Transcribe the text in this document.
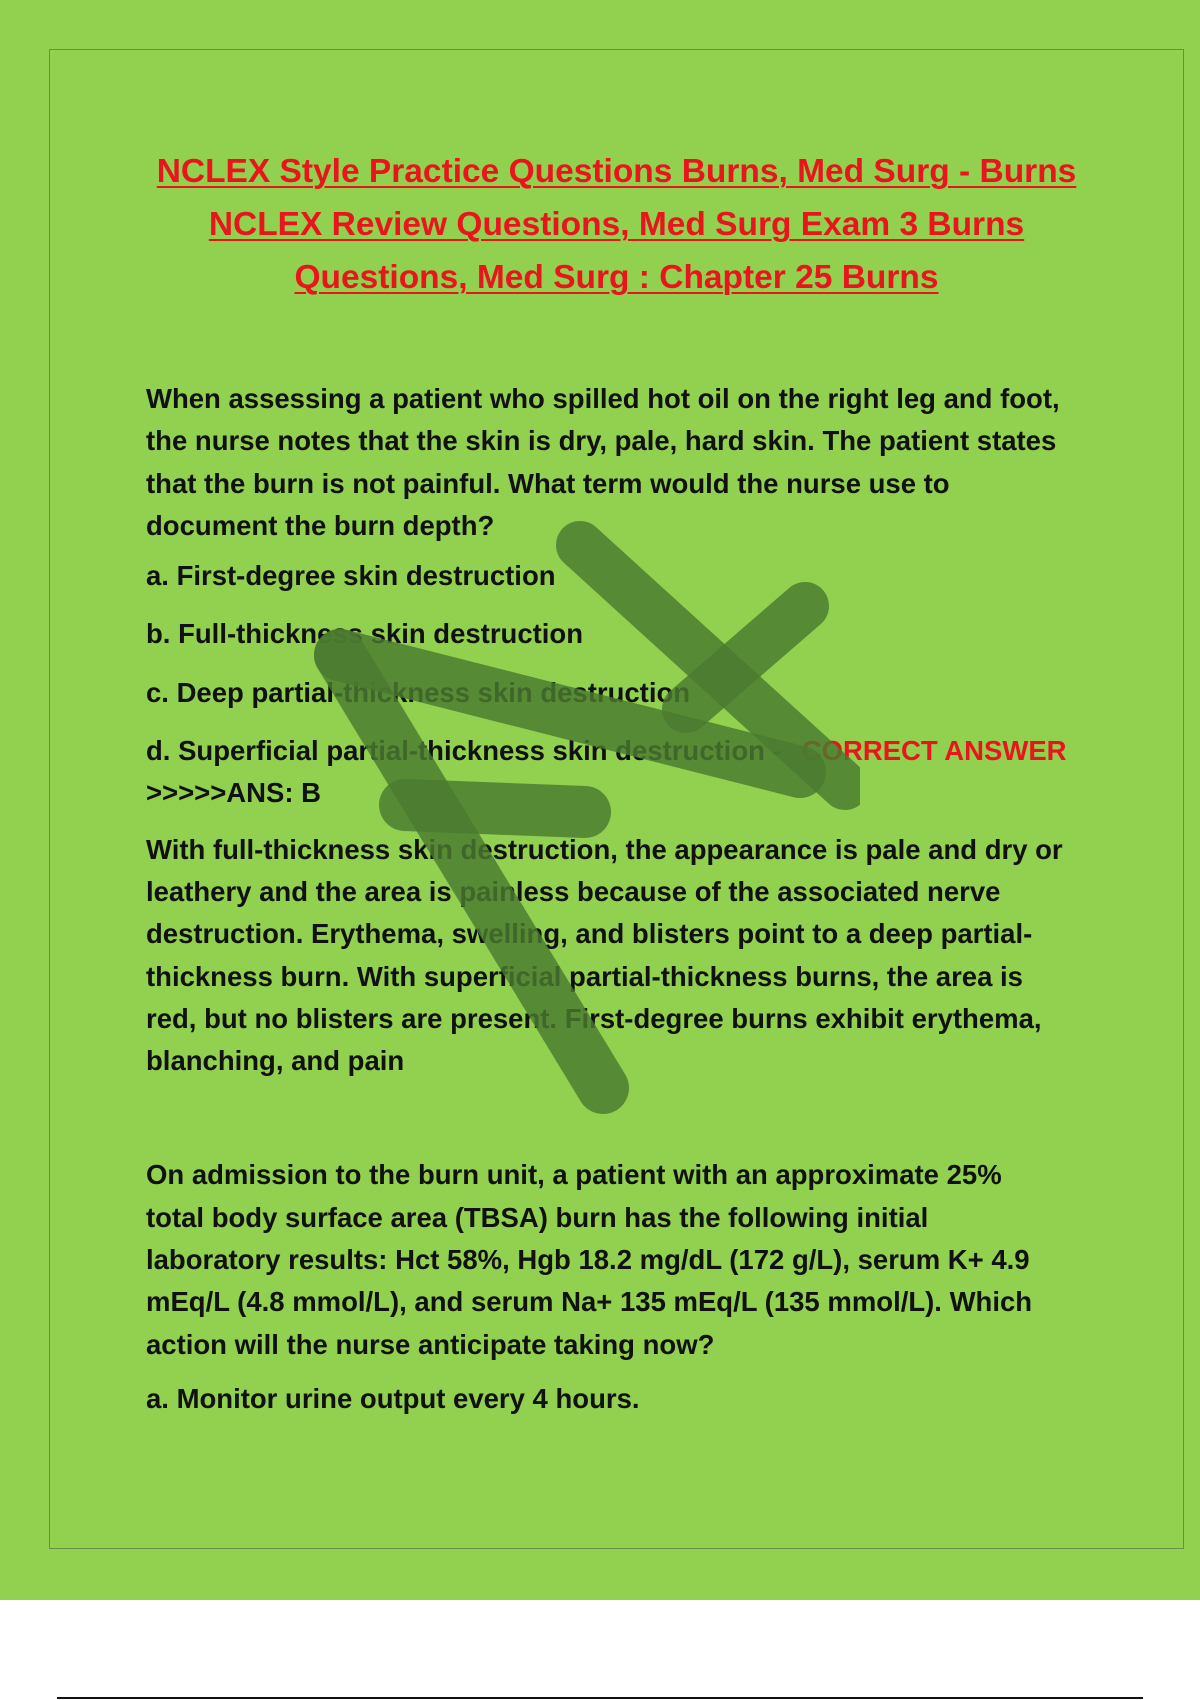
NCLEX Style Practice Questions Burns, Med Surg - Burns
NCLEX Review Questions, Med Surg Exam 3 Burns
Questions, Med Surg : Chapter 25 Burns

When assessing a patient who spilled hot oil on the right leg and foot,
the nurse notes that the skin is dry, pale, hard skin. The patient states
that the burn is not painful. What term would the nurse use to
document the burn depth?

a. First-degree skin destruction

b. Full-thickness skin destruction

c. Deep partial-thickness skin destruction

d. Superficial partial-thickness skin destruction - CORRECT ANSWER

>>>>>ANS: B

With full-thickness skin destruction, the appearance is pale and dry or
leathery and the area is painless because of the associated nerve
destruction. Erythema, swelling, and blisters point to a deep partial-
thickness burn. With superficial partial-thickness burns, the area is
red, but no blisters are present. First-degree burns exhibit erythema,
blanching, and pain

On admission to the burn unit, a patient with an approximate 25%
total body surface area (TBSA) burn has the following initial
laboratory results: Hct 58%, Hgb 18.2 mg/dL (172 g/L), serum K+ 4.9
mEq/L (4.8 mmol/L), and serum Na+ 135 mEq/L (135 mmol/L). Which
action will the nurse anticipate taking now?

a. Monitor urine output every 4 hours.
